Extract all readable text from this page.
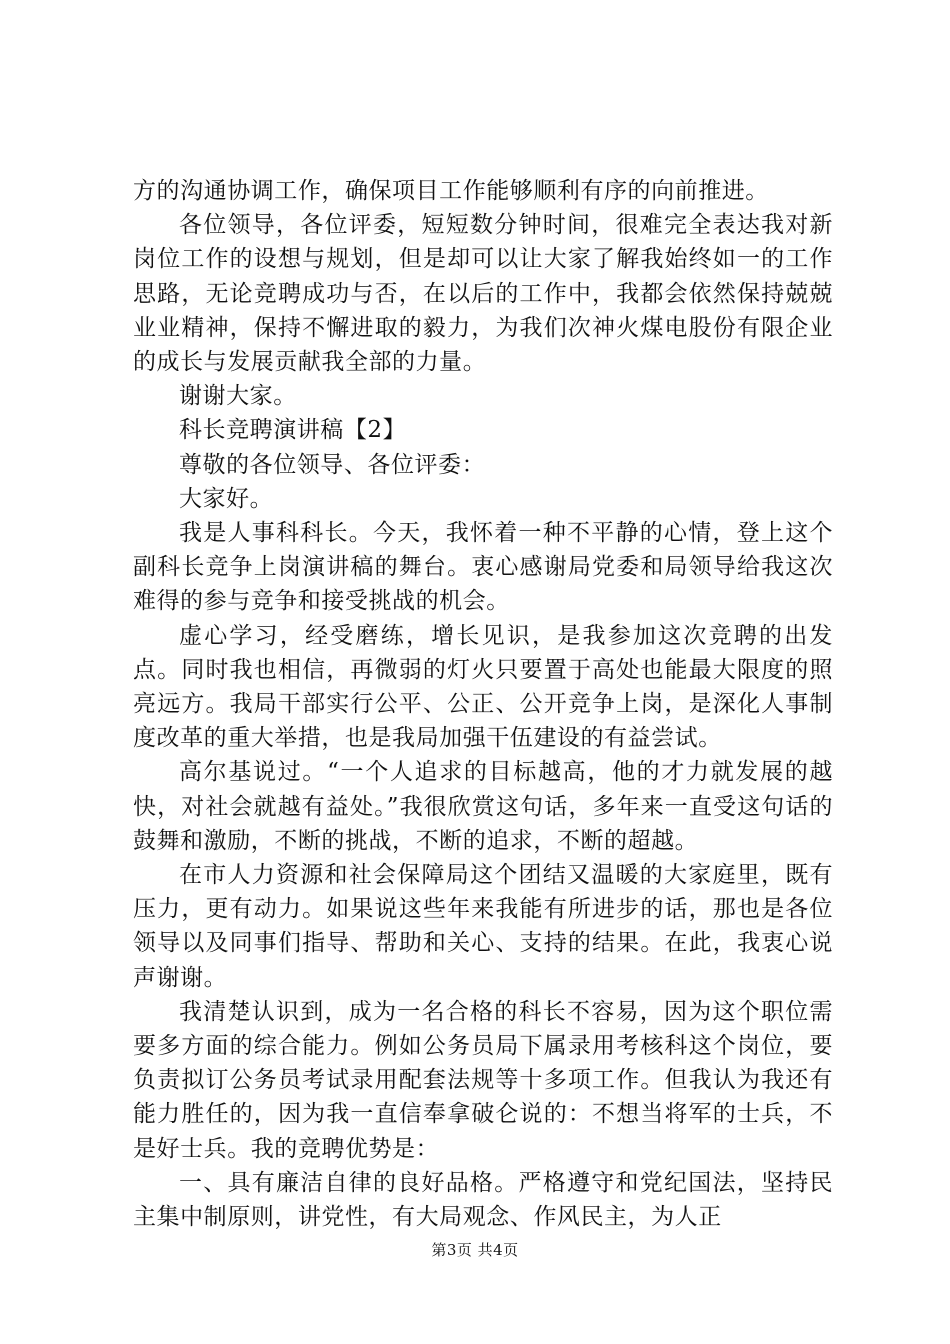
方的沟通协调工作，确保项目工作能够顺利有序的向前推进。

各位领导，各位评委，短短数分钟时间，很难完全表达我对新岗位工作的设想与规划，但是却可以让大家了解我始终如一的工作思路，无论竞聘成功与否，在以后的工作中，我都会依然保持兢兢业业精神，保持不懈进取的毅力，为我们次神火煤电股份有限企业的成长与发展贡献我全部的力量。

谢谢大家。

科长竞聘演讲稿【2】

尊敬的各位领导、各位评委：

大家好。

我是人事科科长。今天，我怀着一种不平静的心情，登上这个副科长竞争上岗演讲稿的舞台。衷心感谢局党委和局领导给我这次难得的参与竞争和接受挑战的机会。

虚心学习，经受磨练，增长见识，是我参加这次竞聘的出发点。同时我也相信，再微弱的灯火只要置于高处也能最大限度的照亮远方。我局干部实行公平、公正、公开竞争上岗，是深化人事制度改革的重大举措，也是我局加强干伍建设的有益尝试。

高尔基说过。“一个人追求的目标越高，他的才力就发展的越快，对社会就越有益处。”我很欣赏这句话，多年来一直受这句话的鼓舞和激励，不断的挑战，不断的追求，不断的超越。

在市人力资源和社会保障局这个团结又温暖的大家庭里，既有压力，更有动力。如果说这些年来我能有所进步的话，那也是各位领导以及同事们指导、帮助和关心、支持的结果。在此，我衷心说声谢谢。

我清楚认识到，成为一名合格的科长不容易，因为这个职位需要多方面的综合能力。例如公务员局下属录用考核科这个岗位，要负责拟订公务员考试录用配套法规等十多项工作。但我认为我还有能力胜任的，因为我一直信奉拿破仑说的：不想当将军的士兵，不是好士兵。我的竞聘优势是：

一、具有廉洁自律的良好品格。严格遵守和党纪国法，坚持民主集中制原则，讲党性，有大局观念、作风民主，为人正

第3页 共4页
